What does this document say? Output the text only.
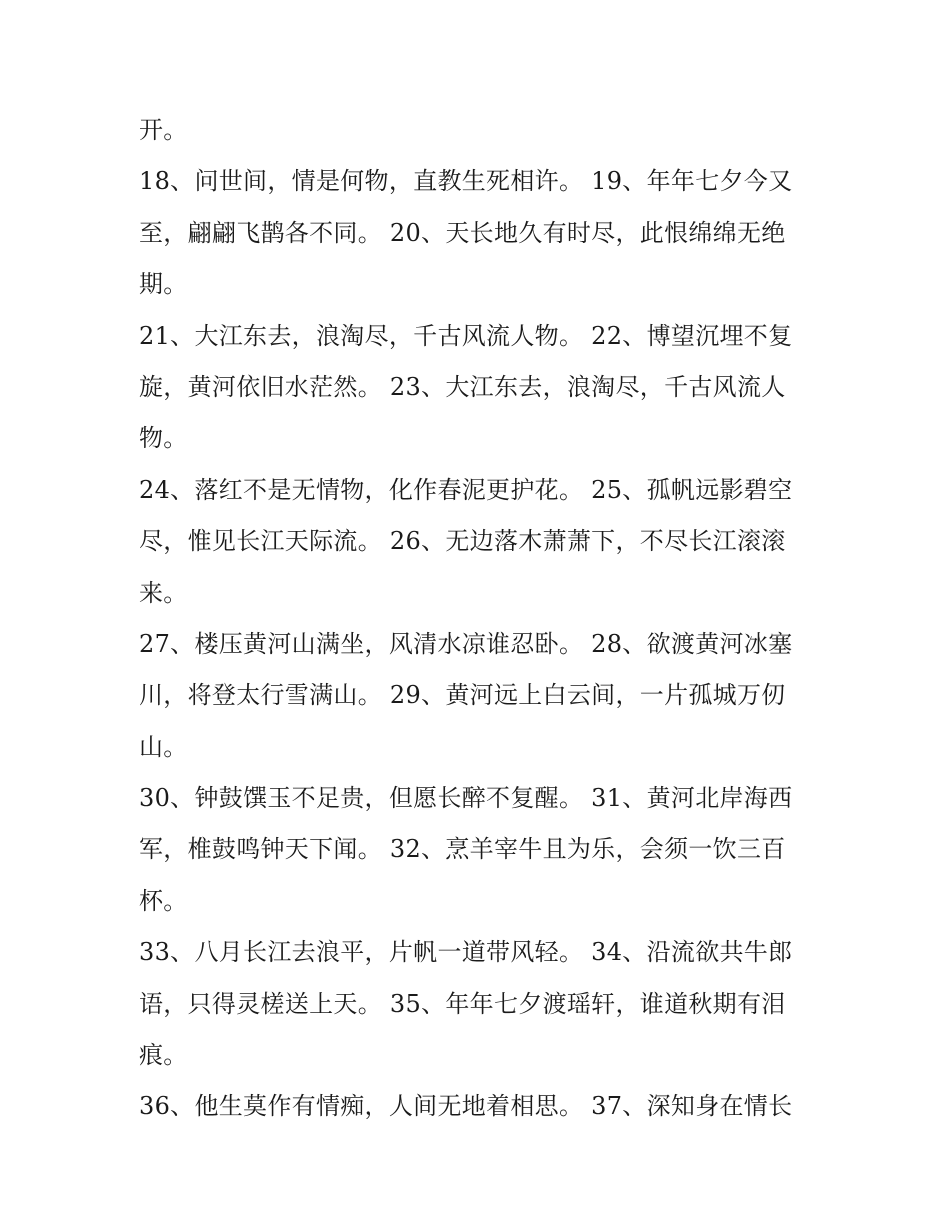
开。
18、问世间，情是何物，直教生死相许。 19、年年七夕今又
至，翩翩飞鹊各不同。 20、天长地久有时尽，此恨绵绵无绝
期。
21、大江东去，浪淘尽，千古风流人物。 22、博望沉埋不复
旋，黄河依旧水茫然。 23、大江东去，浪淘尽，千古风流人
物。
24、落红不是无情物，化作春泥更护花。 25、孤帆远影碧空
尽，惟见长江天际流。 26、无边落木萧萧下，不尽长江滚滚
来。
27、楼压黄河山满坐，风清水凉谁忍卧。 28、欲渡黄河冰塞
川，将登太行雪满山。 29、黄河远上白云间，一片孤城万仞
山。
30、钟鼓馔玉不足贵，但愿长醉不复醒。 31、黄河北岸海西
军，椎鼓鸣钟天下闻。 32、烹羊宰牛且为乐，会须一饮三百
杯。
33、八月长江去浪平，片帆一道带风轻。 34、沿流欲共牛郎
语，只得灵槎送上天。 35、年年七夕渡瑶轩，谁道秋期有泪
痕。
36、他生莫作有情痴，人间无地着相思。 37、深知身在情长
